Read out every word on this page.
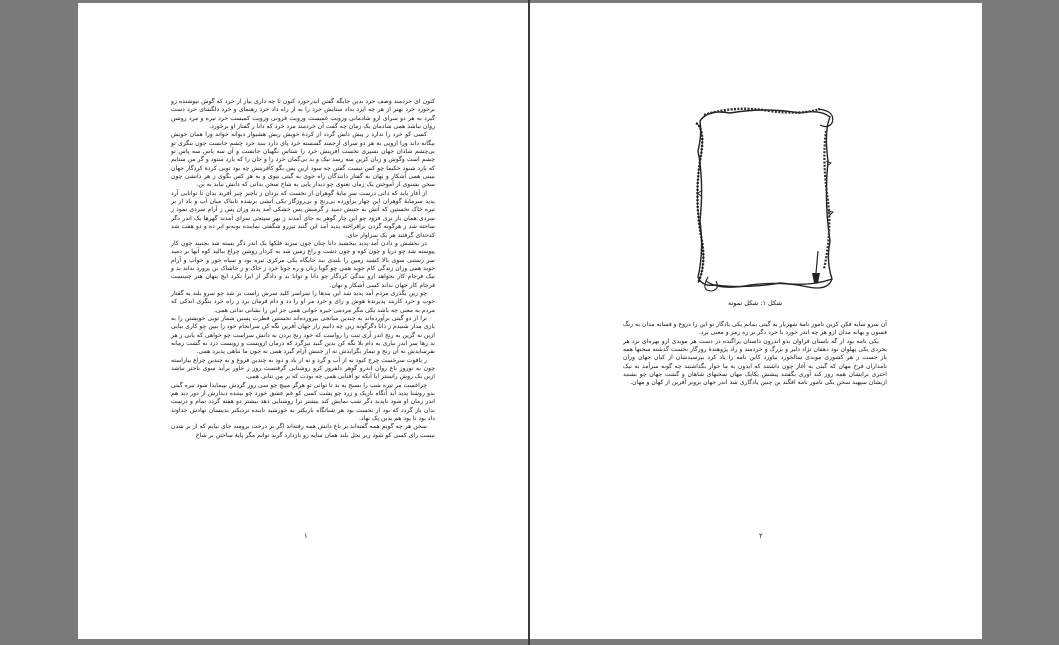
کنون ای خردمند وصف خرد بدین جایگه گفتن اندرخورد کنون تا چه داری بیار از خرد که گوش نیوشنده زو برخورد خرد بهتر از هر چه ایزد بداد ستایش خرد را به از راه داد خرد رهنمای و خرد دلگشای خرد دست گیرد به هر دو سرای ازو شادمانی وزویت غمیست وزویت فزونی وزویت کمیست خرد تیره و مرد روشن روان نباشد همی شادمان یک زمان چه گفت آن خردمند مرد خرد که دانا ز گفتار او برخورد.

کسی کو خرد را ندارد ز پیش دلش گردد از کردهٔ خویش ریش هشیوار دیوانه خواند ورا همان خویش بیگانه داند ورا ازویی به هر دو سرای ارجمند گسسته خرد پای دارد ببند خرد چشم جانست چون بنگری تو بی‌چشم شادان جهان نسپری نخست آفرینش خرد را شناس نگهبان جانست و آن سه پاس سه پاس تو چشم است وگوش و زبان کزین سه رسد نیک و بد بی‌گمان خرد را و جان را که یارد ستود و گر من ستایم که یارد شنود حکیما چو کس نیست گفتن چه سود ازین پس بگو کآفرینش چه بود تویی کردهٔ کردگار جهان ببینی همی آشکار و نهان به گفتار دانندگان راه جوی به گیتی بپوی و به هر کس بگوی ز هر دانشی چون سخن بشنوی از آموختن یک زمان نغنوی چو دیدار یابی به شاخ سخن بدانی که دانش نیاید به بن.

از آغاز باید که دانی درست سر مایهٔ گوهران از نخست که یزدان ز ناچیز چیز آفرید بدان تا توانایی آرد پدید سرمایهٔ گوهران این چهار برآورده بی‌رنج و بی‌روزگار یکی آتشی برشده تابناک میان آب و باد از بر تیره خاک نخستین که آتش به جنبش دمید ز گرمیش پس خشکی آمد پدید وزان پس ز آرام سردی نمود ز سردی همان باز تری فزود چو این چار گوهر به جای آمدند ز بهر سپنجی سرای آمدند گهرها یک اندر دگر ساخته شد ز هرگونه گردن برافراخته پدید آمد این گنبد تیزرو شگفتی نماینده نوبه‌نو ابر ده و دو هفت شد کدخدای گرفتند هر یک سزاوار جای.

در بخشش و دادن آمد پدید ببخشید دانا چنان چون سزید فلکها یک اندر دگر بسته شد بجنبید چون کار پیوسته شد چو دریا و چون کوه و چون دشت و راغ زمین شد به کردار روشن چراغ ببالید کوه آبها بر دمید سر رستنی سوی بالا کشید زمین را بلندی نبد جایگاه یکی مرکزی تیره بود و سیاه خور و خواب و آرام جوید همی وزان زندگی کام جوید همی چو گویا زبان و ره جویا خرد ز خاک و ز خاشاک بن پرورد نداند بد و نیک فرجام کار نخواهد ازو بندگی کردگار چو دانا و توانا بد و دادگر از ایرا نکرد ایچ پنهان هنر چنینست فرجام کار جهان نداند کسی آشکار و نهان.

چو زین بگذری مردم آمد پدید شد این بندها را سراسر کلید سرش راست بر شد چو سرو بلند به گفتار خوب و خرد کاربند پذیرندهٔ هوش و رای و خرد مر او را دد و دام فرمان برد ز راه خرد بنگری اندکی که مردم به معنی چه باشد یکی مگر مردمی خیره خوانی همی جز این را نشانی ندانی همی.

ترا از دو گیتی برآورده‌اند به چندین میانجی بپرورده‌اند نخستین فطرت پسین شمار تویی خویشتن را به بازی مدار شنیدم ز دانا دگرگونه زین چه دانیم راز جهان آفرین نگه کن سرانجام خود را ببین چو کاری بیابی ازین به گزین به رنج اندر آری تنت را رواست که خود رنج بردن به دانش سزاست چو خواهی که یابی ز هر بد رها سر اندر نیاری به دام بلا نگه کن بدین گنبد تیزگرد که درمان ازویست و زویست درد نه گشت زمانه بفرسایدش نه آن رنج و تیمار بگزایدش نه از جنبش آرام گیرد همی نه چون ما تباهی پذیرد همی.

ز یاقوت سرخست چرخ کبود نه از آب و گرد و نه از باد و دود به چندین فروغ و به چندین چراغ بیاراسته چون به نوروز باغ روان اندرو گوهر دلفروز کزو روشنایی گرفتست روز ز خاور برآید سوی باختر نباشد ازین یک روش راستتر ایا آنکه تو آفتابی همی چه بودت که بر من نتابی همی.

چراغست مر تیره شب را بسیج به بد تا توانی تو هرگز مپیچ چو سی روز گردش بپیمایدا شود تیره گیتی بدو روشنا پدید آید آنگاه باریک و زرد چو پشت کسی کو غم عشق خورد چو بیننده دیدارش از دور دید هم اندر زمان او شود ناپدید دگر شب نمایش کند بیشتر ترا روشنایی دهد بیشتر دو هفته گردد تمام و درست بدان باز گردد که بود از نخست بود هر شبانگاه باریکتر به خورشید تابنده نزدیکتر بدینسان نهادش خداوند داد بود تا بود هم بدین یک نهاد.

سخن هر چه گویم همه گفته‌اند بر باغ دانش همه رفته‌اند اگر بر درخت برومند جای نیابم که از بر شدن نیست رای کسی کو شود زیر نخل بلند همان سایه زو بازدارد گزند توانم مگر پایهٔ ساختن بر شاخ

۱
شکل ۱: شکل نمونه

آن سرو سایه فکن کزین نامور نامهٔ شهریار به گیتی بمانم یکی یادگار تو این را دروغ و فسانه مدان به رنگ فسون و بهانه مدان ازو هر چه اندر خورد با خرد دگر بر ره رمز و معنی برد.

یکی نامه بود از گه باستان فراوان بدو اندرون داستان پراگنده در دست هر موبدی ازو بهره‌ای نزد هر بخردی یکی پهلوان بود دهقان نژاد دلیر و بزرگ و خردمند و راد پژوهندهٔ روزگار نخست گذشته سخنها همه باز جست ز هر کشوری موبدی سالخورد بیاورد کاین نامه را یاد کرد بپرسیدشان از کیان جهان وزان نامداران فرخ مهان که گیتی به آغاز چون داشتند که ایدون به ما خوار بگذاشتند چه گونه سرآمد به نیک اختری برایشان همه روز کند آوری بگفتند پیشش یکایک مهان سخنهای شاهان و گشت جهان چو بشنید ازیشان سپهبد سخن یکی نامور نامه افگند بن چنین یادگاری شد اندر جهان بروبر آفرین از کهان و مهان.

۲
